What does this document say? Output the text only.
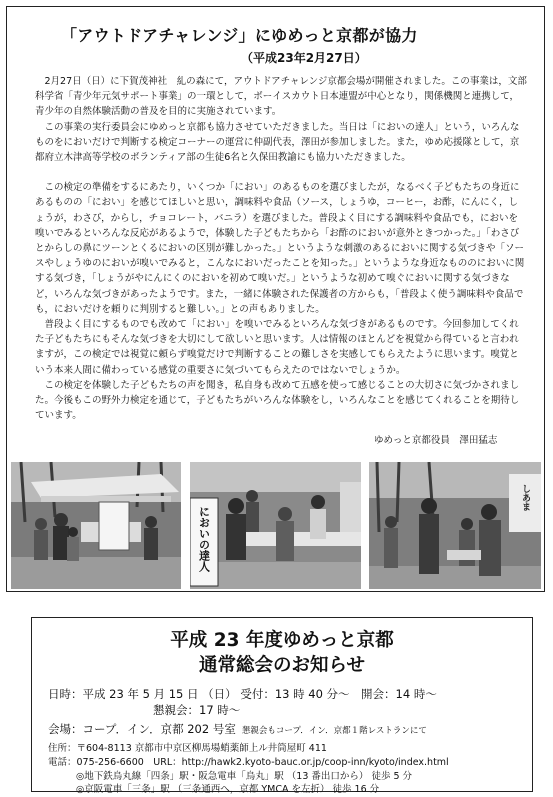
「アウトドアチャレンジ」にゆめっと京都が協力
（平成23年2月27日）

2月27日（日）に下賀茂神社　糺の森にて，アウトドアチャレンジ京都会場が開催されました。この事業は，文部科学省「青少年元気サポート事業」の一環として，ボーイスカウト日本連盟が中心となり，関係機関と連携して，青少年の自然体験活動の普及を目的に実施されています。

この事業の実行委員会にゆめっと京都も協力させていただきました。当日は「においの達人」という，いろんなものをにおいだけで判断する検定コーナーの運営に仲副代表，澤田が参加しました。また，ゆめ応援隊として，京都府立木津高等学校のボランティア部の生徒6名と久保田教諭にも協力いただきました。

この検定の準備をするにあたり，いくつか「におい」のあるものを選びましたが，なるべく子どもたちの身近にあるものの「におい」を感じてほしいと思い，調味料や食品（ソース，しょうゆ，コーヒー，お酢，にんにく，しょうが，わさび，からし，チョコレート，バニラ）を選びました。普段よく目にする調味料や食品でも，においを嗅いでみるといろんな反応があるようで，体験した子どもたちから「お酢のにおいが意外ときつかった。」「わさびとからしの鼻にツーンとくるにおいの区別が難しかった。」というような刺激のあるにおいに関する気づきや「ソースやしょうゆのにおいが嗅いでみると，こんなにおいだったことを知った。」というような身近なもののにおいに関する気づき，「しょうがやにんにくのにおいを初めて嗅いだ。」というような初めて嗅ぐにおいに関する気づきなど，いろんな気づきがあったようです。また，一緒に体験された保護者の方からも，「普段よく使う調味料や食品でも，においだけを頼りに判別すると難しい。」との声もありました。

普段よく目にするものでも改めて「におい」を嗅いでみるといろんな気づきがあるものです。今回参加してくれた子どもたちにもそんな気づきを大切にして欲しいと思います。人は情報のほとんどを視覚から得ていると言われますが，この検定では視覚に頼らず嗅覚だけで判断することの難しさを実感してもらえたように思います。嗅覚という本来人間に備わっている感覚の重要さに気づいてもらえたのではないでしょうか。

この検定を体験した子どもたちの声を聞き，私自身も改めて五感を使って感じることの大切さに気づかされました。今後もこの野外力検定を通じて，子どもたちがいろんな体験をし，いろんなことを感じてくれることを期待しています。

ゆめっと京都役員　澤田猛志
においの達人
しあま
平成 23 年度ゆめっと京都
通常総会のお知らせ
日時：平成 23 年 5 月 15 日 （日） 受付：13 時 40 分～　開会：14 時～
懇親会：17 時～
会場：コープ．イン．京都 202 号室 懇親会もコープ．イン．京都１階レストランにて
住所：〒604-8113 京都市中京区柳馬場蛸薬師上ル井筒屋町 411
電話：075-256-6600　URL：http://hawk2.kyoto-bauc.or.jp/coop-inn/kyoto/index.html
◎地下鉄烏丸線「四条」駅・阪急電車「烏丸」駅 （13 番出口から） 徒歩 5 分
◎京阪電車「三条」駅 （三条通西へ，京都 YMCA を左折） 徒歩 16 分
